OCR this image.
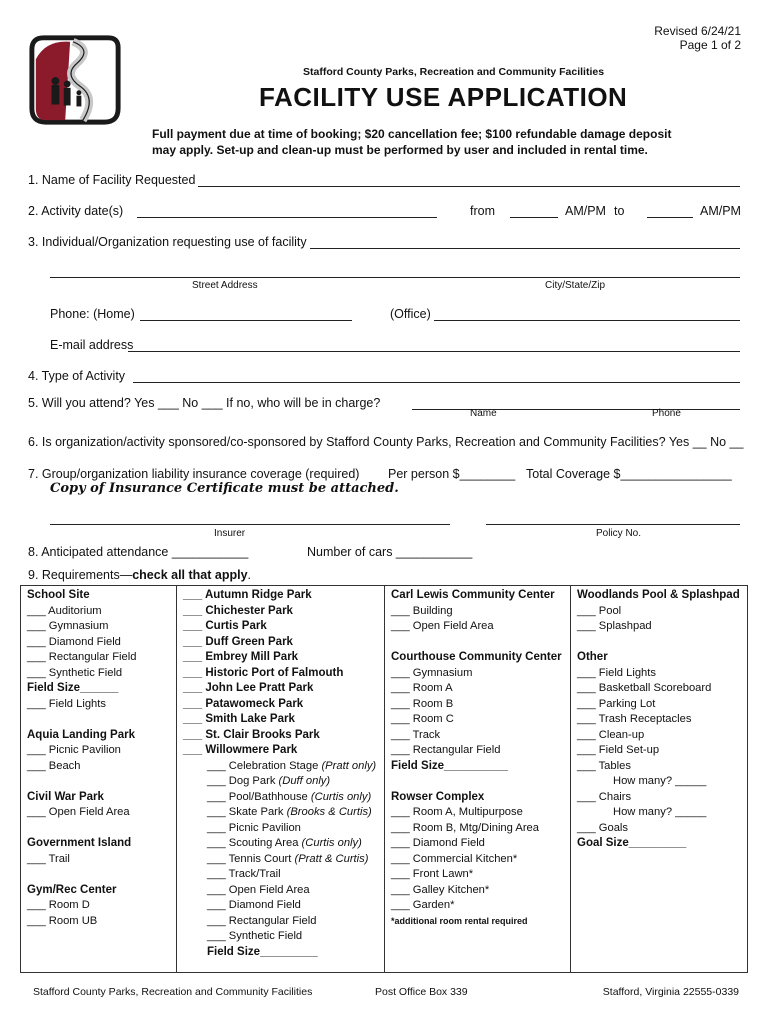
Revised 6/24/21
Page 1 of 2
Stafford County Parks, Recreation and Community Facilities
FACILITY USE APPLICATION
Full payment due at time of booking; $20 cancellation fee; $100 refundable damage deposit
may apply. Set-up and clean-up must be performed by user and included in rental time.
1. Name of Facility Requested
2. Activity date(s)	from	AM/PM to	AM/PM
3. Individual/Organization requesting use of facility
Street Address	City/State/Zip
Phone: (Home)	(Office)
E-mail address
4. Type of Activity
5. Will you attend? Yes ___ No ___ If no, who will be in charge?
Name	Phone
6. Is organization/activity sponsored/co-sponsored by Stafford County Parks, Recreation and Community Facilities? Yes __ No __
7. Group/organization liability insurance coverage (required) Per person $________ Total Coverage $________________
Copy of Insurance Certificate must be attached.
Insurer	Policy No.
8. Anticipated attendance ___________	Number of cars ___________
9. Requirements—check all that apply.
School Site
___ Auditorium
___ Gymnasium
___ Diamond Field
___ Rectangular Field
___ Synthetic Field
Field Size______
___ Field Lights
Aquia Landing Park
___ Picnic Pavilion
___ Beach
Civil War Park
___ Open Field Area
Government Island
___ Trail
Gym/Rec Center
___ Room D
___ Room UB
___ Autumn Ridge Park
___ Chichester Park
___ Curtis Park
___ Duff Green Park
___ Embrey Mill Park
___ Historic Port of Falmouth
___ John Lee Pratt Park
___ Patawomeck Park
___ Smith Lake Park
___ St. Clair Brooks Park
___ Willowmere Park
___ Celebration Stage (Pratt only)
___ Dog Park (Duff only)
___ Pool/Bathhouse (Curtis only)
___ Skate Park (Brooks & Curtis)
___ Picnic Pavilion
___ Scouting Area (Curtis only)
___ Tennis Court (Pratt & Curtis)
___ Track/Trail
___ Open Field Area
___ Diamond Field
___ Rectangular Field
___ Synthetic Field
Field Size_________
Carl Lewis Community Center
___ Building
___ Open Field Area
Courthouse Community Center
___ Gymnasium
___ Room A
___ Room B
___ Room C
___ Track
___ Rectangular Field
Field Size__________
Rowser Complex
___ Room A, Multipurpose
___ Room B, Mtg/Dining Area
___ Diamond Field
___ Commercial Kitchen*
___ Front Lawn*
___ Galley Kitchen*
___ Garden*
*additional room rental required
Woodlands Pool & Splashpad
___ Pool
___ Splashpad
Other
___ Field Lights
___ Basketball Scoreboard
___ Parking Lot
___ Trash Receptacles
___ Clean-up
___ Field Set-up
___ Tables
How many? _____
___ Chairs
How many? _____
___ Goals
Goal Size_________
Stafford County Parks, Recreation and Community Facilities	Post Office Box 339	Stafford, Virginia 22555-0339
